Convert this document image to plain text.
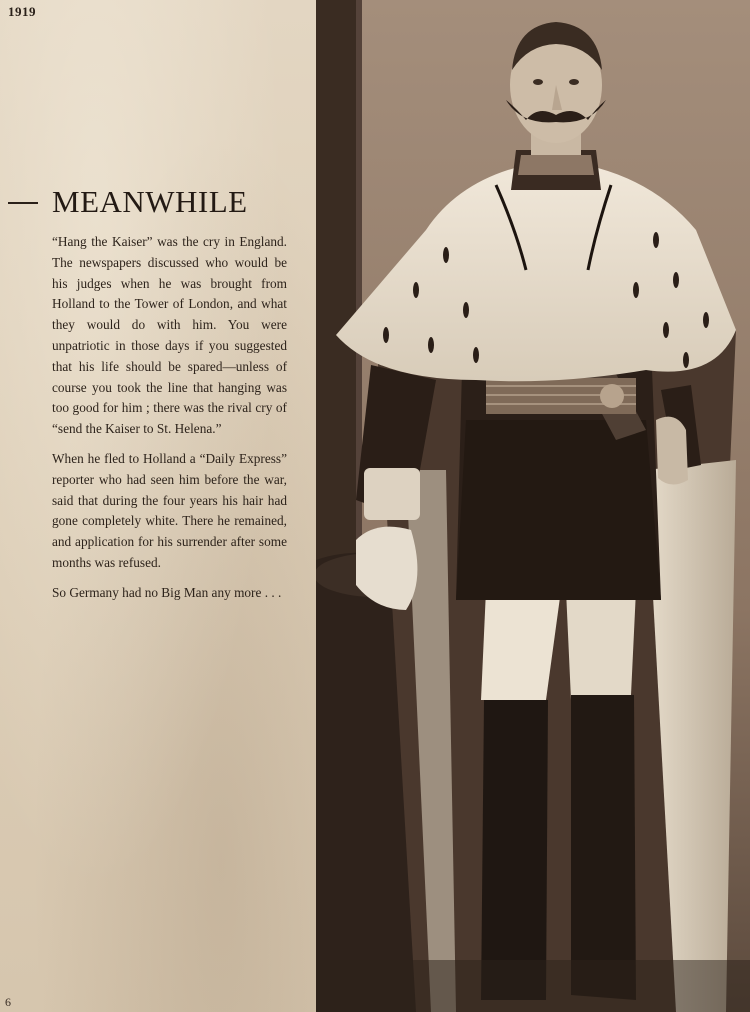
1919
MEANWHILE

“Hang the Kaiser” was the cry in England. The newspapers discussed who would be his judges when he was brought from Holland to the Tower of London, and what they would do with him. You were unpatriotic in those days if you suggested that his life should be spared—unless of course you took the line that hanging was too good for him ; there was the rival cry of “send the Kaiser to St. Helena.”

When he fled to Holland a “Daily Express” reporter who had seen him before the war, said that during the four years his hair had gone completely white. There he remained, and application for his surrender after some months was refused.

So Germany had no Big Man any more . . .

6
